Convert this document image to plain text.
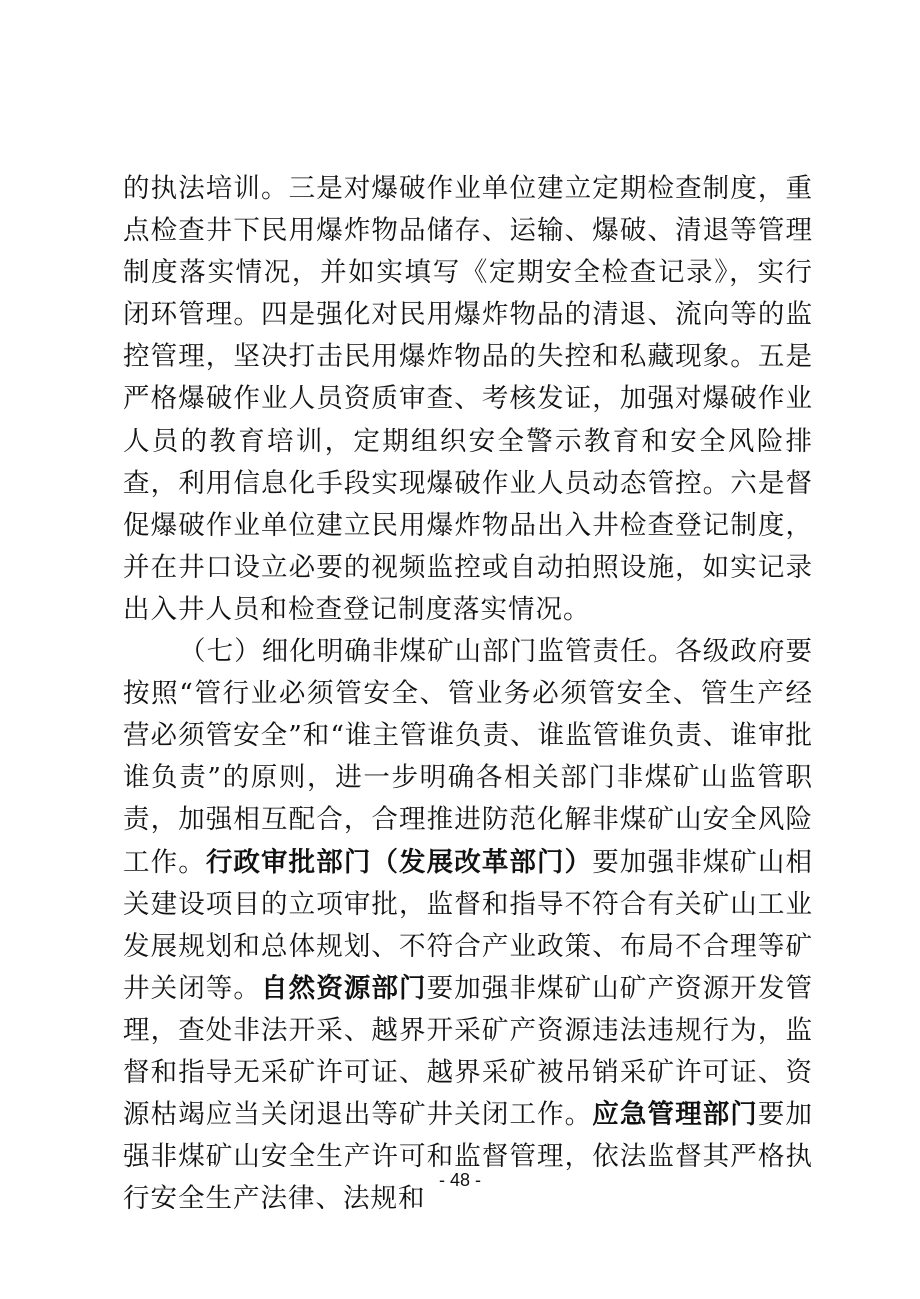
的执法培训。三是对爆破作业单位建立定期检查制度，重点检查井下民用爆炸物品储存、运输、爆破、清退等管理制度落实情况，并如实填写《定期安全检查记录》，实行闭环管理。四是强化对民用爆炸物品的清退、流向等的监控管理，坚决打击民用爆炸物品的失控和私藏现象。五是严格爆破作业人员资质审查、考核发证，加强对爆破作业人员的教育培训，定期组织安全警示教育和安全风险排查，利用信息化手段实现爆破作业人员动态管控。六是督促爆破作业单位建立民用爆炸物品出入井检查登记制度，并在井口设立必要的视频监控或自动拍照设施，如实记录出入井人员和检查登记制度落实情况。

（七）细化明确非煤矿山部门监管责任。各级政府要按照“管行业必须管安全、管业务必须管安全、管生产经营必须管安全”和“谁主管谁负责、谁监管谁负责、谁审批谁负责”的原则，进一步明确各相关部门非煤矿山监管职责，加强相互配合，合理推进防范化解非煤矿山安全风险工作。行政审批部门（发展改革部门）要加强非煤矿山相关建设项目的立项审批，监督和指导不符合有关矿山工业发展规划和总体规划、不符合产业政策、布局不合理等矿井关闭等。自然资源部门要加强非煤矿山矿产资源开发管理，查处非法开采、越界开采矿产资源违法违规行为，监督和指导无采矿许可证、越界采矿被吊销采矿许可证、资源枯竭应当关闭退出等矿井关闭工作。应急管理部门要加强非煤矿山安全生产许可和监督管理，依法监督其严格执行安全生产法律、法规和

- 48 -
